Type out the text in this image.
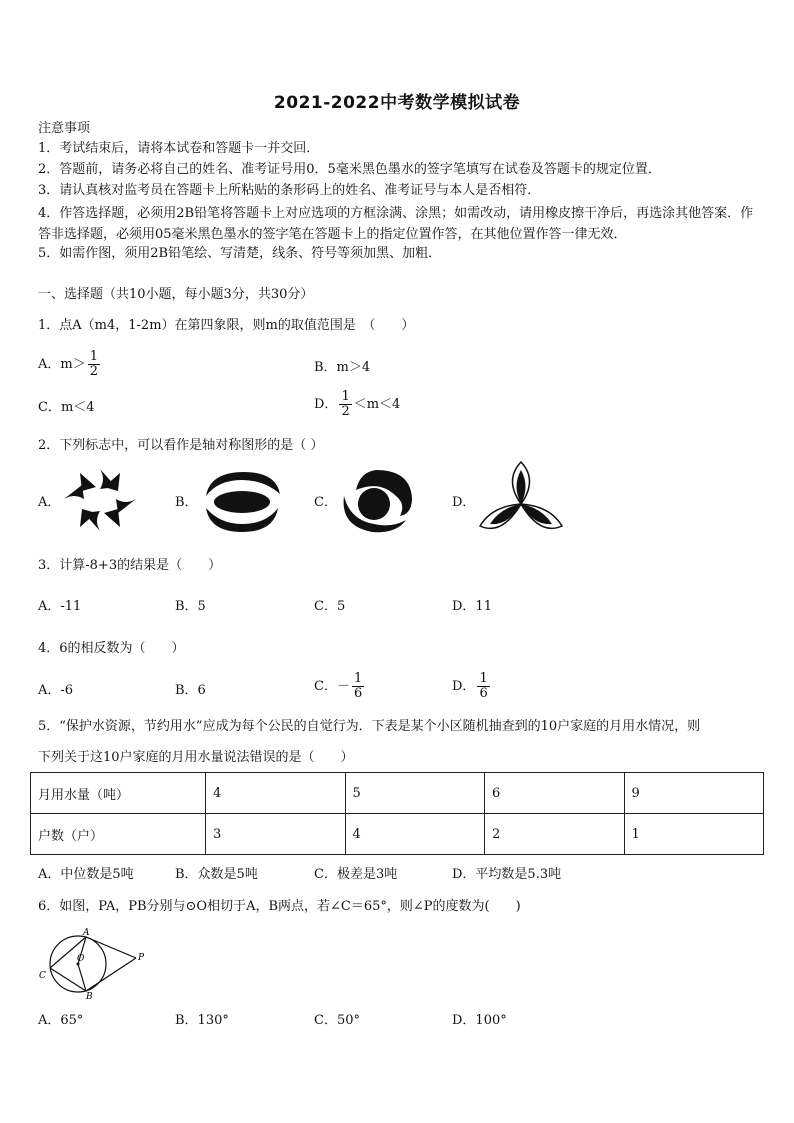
2021-2022中考数学模拟试卷
注意事项
1．考试结束后，请将本试卷和答题卡一并交回．
2．答题前，请务必将自己的姓名、准考证号用0．5毫米黑色墨水的签字笔填写在试卷及答题卡的规定位置．
3．请认真核对监考员在答题卡上所粘贴的条形码上的姓名、准考证号与本人是否相符．
4．作答选择题，必须用2B铅笔将答题卡上对应选项的方框涂满、涂黑；如需改动，请用橡皮擦干净后，再选涂其他答案．作答非选择题，必须用05毫米黑色墨水的签字笔在答题卡上的指定位置作答，在其他位置作答一律无效．
5．如需作图，须用2B铅笔绘、写清楚，线条、符号等须加黑、加粗．
一、选择题（共10小题，每小题3分，共30分）
1．点A（m4，1-2m）在第四象限，则m的取值范围是　（　　）
A．$m> \frac{1}{2}$	B．m＞4
C．m＜4	D． $\frac{1}{2} <m<4$
2．下列标志中，可以看作是轴对称图形的是（ ）
A．	B．	C．	D．
3．计算-8+3的结果是（　　）
A．-11	B．5	C．5	D．11
4．6的相反数为（　　）
A．-6	B．6	C．－ $\frac{1}{6}$	D． $\frac{1}{6}$
5．“保护水资源，节约用水”应成为每个公民的自觉行为．下表是某个小区随机抽查到的10户家庭的月用水情况，则
下列关于这10户家庭的月用水量说法错误的是（　　）
月用水量（吨）	4	5	6	9
户数（户）	3	4	2	1
A．中位数是5吨	B．众数是5吨	C．极差是3吨	D．平均数是5.3吨
6．如图，PA，PB分别与⊙O相切于A，B两点，若∠C＝65°，则∠P的度数为(　　)
A
B
C
O	P
A．65°	B．130°	C．50°	D．100°
